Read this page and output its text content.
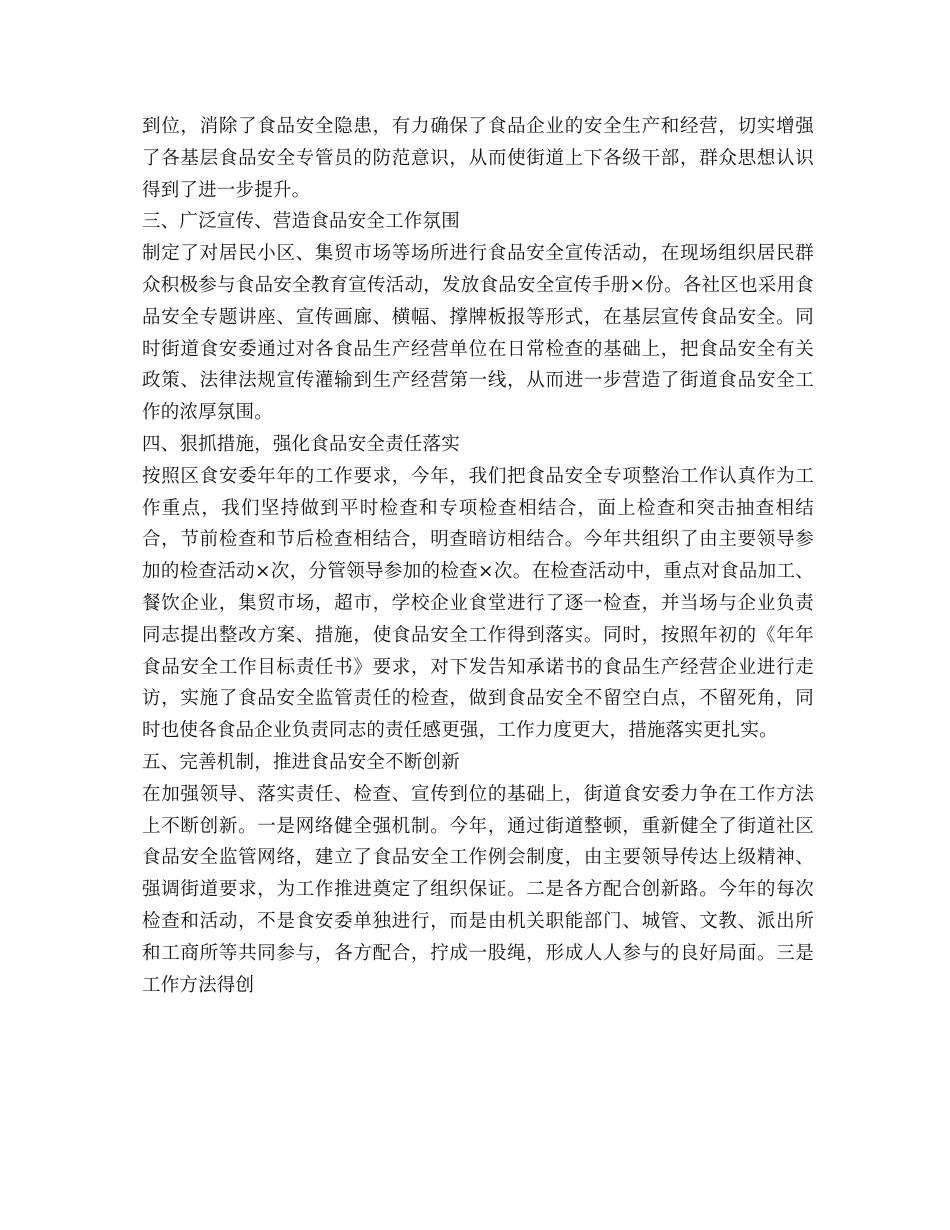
到位，消除了食品安全隐患，有力确保了食品企业的安全生产和经营，切实增强了各基层食品安全专管员的防范意识，从而使街道上下各级干部，群众思想认识得到了进一步提升。

三、广泛宣传、营造食品安全工作氛围

制定了对居民小区、集贸市场等场所进行食品安全宣传活动，在现场组织居民群众积极参与食品安全教育宣传活动，发放食品安全宣传手册×份。各社区也采用食品安全专题讲座、宣传画廊、横幅、撑牌板报等形式，在基层宣传食品安全。同时街道食安委通过对各食品生产经营单位在日常检查的基础上，把食品安全有关政策、法律法规宣传灌输到生产经营第一线，从而进一步营造了街道食品安全工作的浓厚氛围。

四、狠抓措施，强化食品安全责任落实

按照区食安委年年的工作要求，今年，我们把食品安全专项整治工作认真作为工作重点，我们坚持做到平时检查和专项检查相结合，面上检查和突击抽查相结合，节前检查和节后检查相结合，明查暗访相结合。今年共组织了由主要领导参加的检查活动×次，分管领导参加的检查×次。在检查活动中，重点对食品加工、餐饮企业，集贸市场，超市，学校企业食堂进行了逐一检查，并当场与企业负责同志提出整改方案、措施，使食品安全工作得到落实。同时，按照年初的《年年食品安全工作目标责任书》要求，对下发告知承诺书的食品生产经营企业进行走访，实施了食品安全监管责任的检查，做到食品安全不留空白点，不留死角，同时也使各食品企业负责同志的责任感更强，工作力度更大，措施落实更扎实。

五、完善机制，推进食品安全不断创新

在加强领导、落实责任、检查、宣传到位的基础上，街道食安委力争在工作方法上不断创新。一是网络健全强机制。今年，通过街道整顿，重新健全了街道社区食品安全监管网络，建立了食品安全工作例会制度，由主要领导传达上级精神、强调街道要求，为工作推进奠定了组织保证。二是各方配合创新路。今年的每次检查和活动，不是食安委单独进行，而是由机关职能部门、城管、文教、派出所和工商所等共同参与，各方配合，拧成一股绳，形成人人参与的良好局面。三是工作方法得创
